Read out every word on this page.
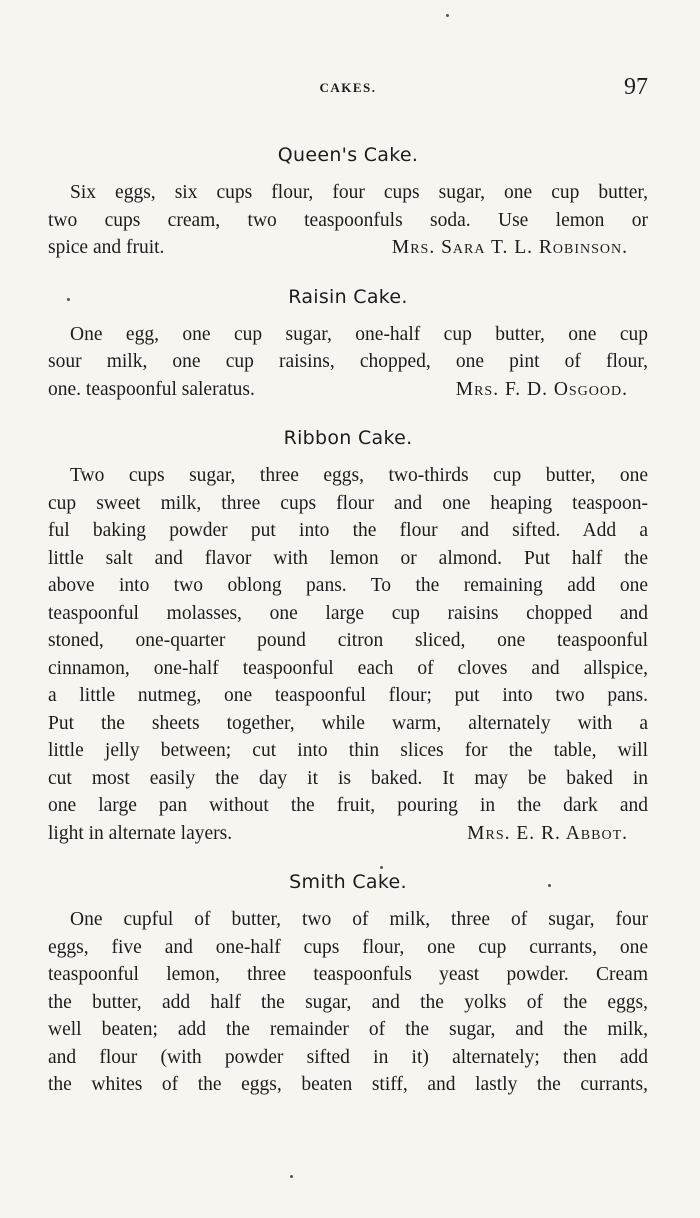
CAKES.	97
Queen's Cake.
Six eggs, six cups flour, four cups sugar, one cup butter,
two cups cream, two teaspoonfuls soda. Use lemon or
spice and fruit.	Mrs. Sara T. L. Robinson.
Raisin Cake.
One egg, one cup sugar, one-half cup butter, one cup
sour milk, one cup raisins, chopped, one pint of flour,
one. teaspoonful saleratus.	Mrs. F. D. Osgood.
Ribbon Cake.
Two cups sugar, three eggs, two-thirds cup butter, one
cup sweet milk, three cups flour and one heaping teaspoon-
ful baking powder put into the flour and sifted. Add a
little salt and flavor with lemon or almond. Put half the
above into two oblong pans. To the remaining add one
teaspoonful molasses, one large cup raisins chopped and
stoned, one-quarter pound citron sliced, one teaspoonful
cinnamon, one-half teaspoonful each of cloves and allspice,
a little nutmeg, one teaspoonful flour; put into two pans.
Put the sheets together, while warm, alternately with a
little jelly between; cut into thin slices for the table, will
cut most easily the day it is baked. It may be baked in
one large pan without the fruit, pouring in the dark and
light in alternate layers.	Mrs. E. R. Abbot.
Smith Cake.
One cupful of butter, two of milk, three of sugar, four
eggs, five and one-half cups flour, one cup currants, one
teaspoonful lemon, three teaspoonfuls yeast powder. Cream
the butter, add half the sugar, and the yolks of the eggs,
well beaten; add the remainder of the sugar, and the milk,
and flour (with powder sifted in it) alternately; then add
the whites of the eggs, beaten stiff, and lastly the currants,
